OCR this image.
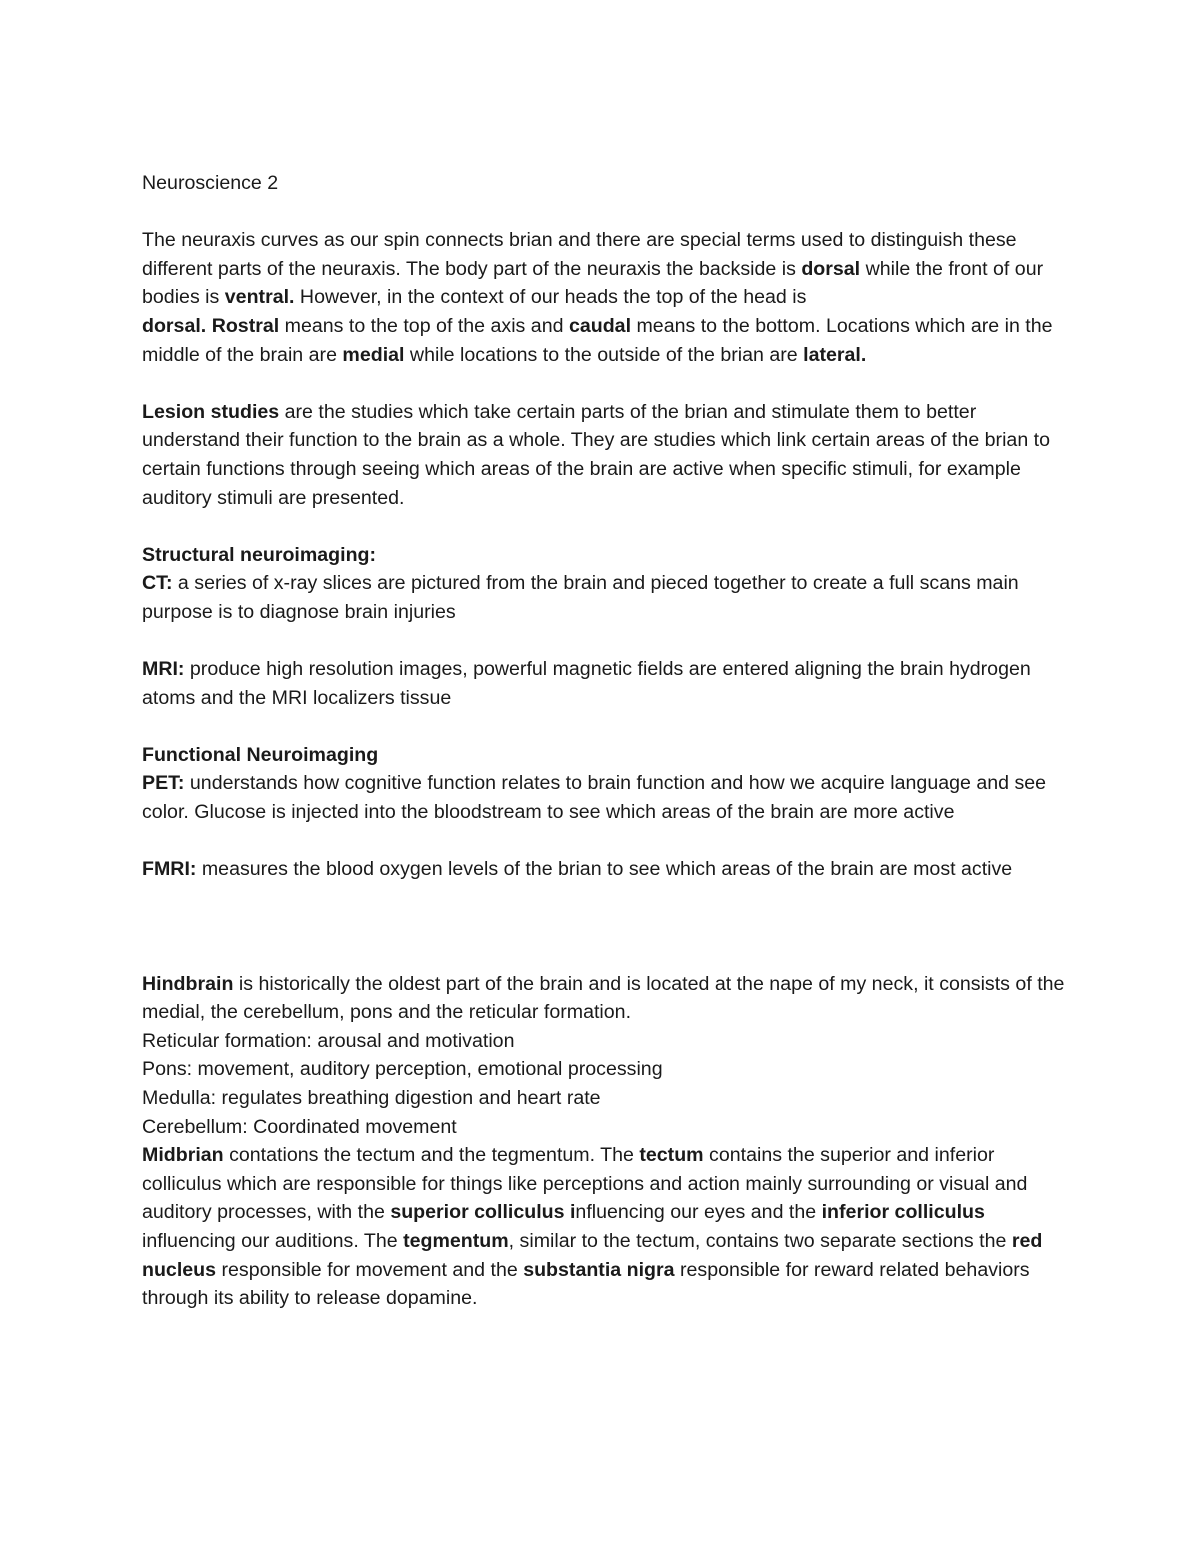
Neuroscience 2

The neuraxis curves as our spin connects brian and there are special terms used to distinguish these different parts of the neuraxis. The body part of the neuraxis the backside is dorsal while the front of our bodies is ventral. However, in the context of our heads the top of the head is
dorsal. Rostral means to the top of the axis and caudal means to the bottom. Locations which are in the middle of the brain are medial while locations to the outside of the brian are lateral.

Lesion studies are the studies which take certain parts of the brian and stimulate them to better understand their function to the brain as a whole. They are studies which link certain areas of the brian to certain functions through seeing which areas of the brain are active when specific stimuli, for example auditory stimuli are presented.

Structural neuroimaging:

CT: a series of x-ray slices are pictured from the brain and pieced together to create a full scans main purpose is to diagnose brain injuries

MRI: produce high resolution images, powerful magnetic fields are entered aligning the brain hydrogen atoms and the MRI localizers tissue

Functional Neuroimaging

PET: understands how cognitive function relates to brain function and how we acquire language and see color. Glucose is injected into the bloodstream to see which areas of the brain are more active

FMRI: measures the blood oxygen levels of the brian to see which areas of the brain are most active

Hindbrain is historically the oldest part of the brain and is located at the nape of my neck, it consists of the medial, the cerebellum, pons and the reticular formation.

Reticular formation: arousal and motivation

Pons: movement, auditory perception, emotional processing

Medulla: regulates breathing digestion and heart rate

Cerebellum: Coordinated movement

Midbrian contations the tectum and the tegmentum. The tectum contains the superior and inferior colliculus which are responsible for things like perceptions and action mainly surrounding or visual and auditory processes, with the superior colliculus influencing our eyes and the inferior colliculus influencing our auditions. The tegmentum, similar to the tectum, contains two separate sections the red nucleus responsible for movement and the substantia nigra responsible for reward related behaviors through its ability to release dopamine.
